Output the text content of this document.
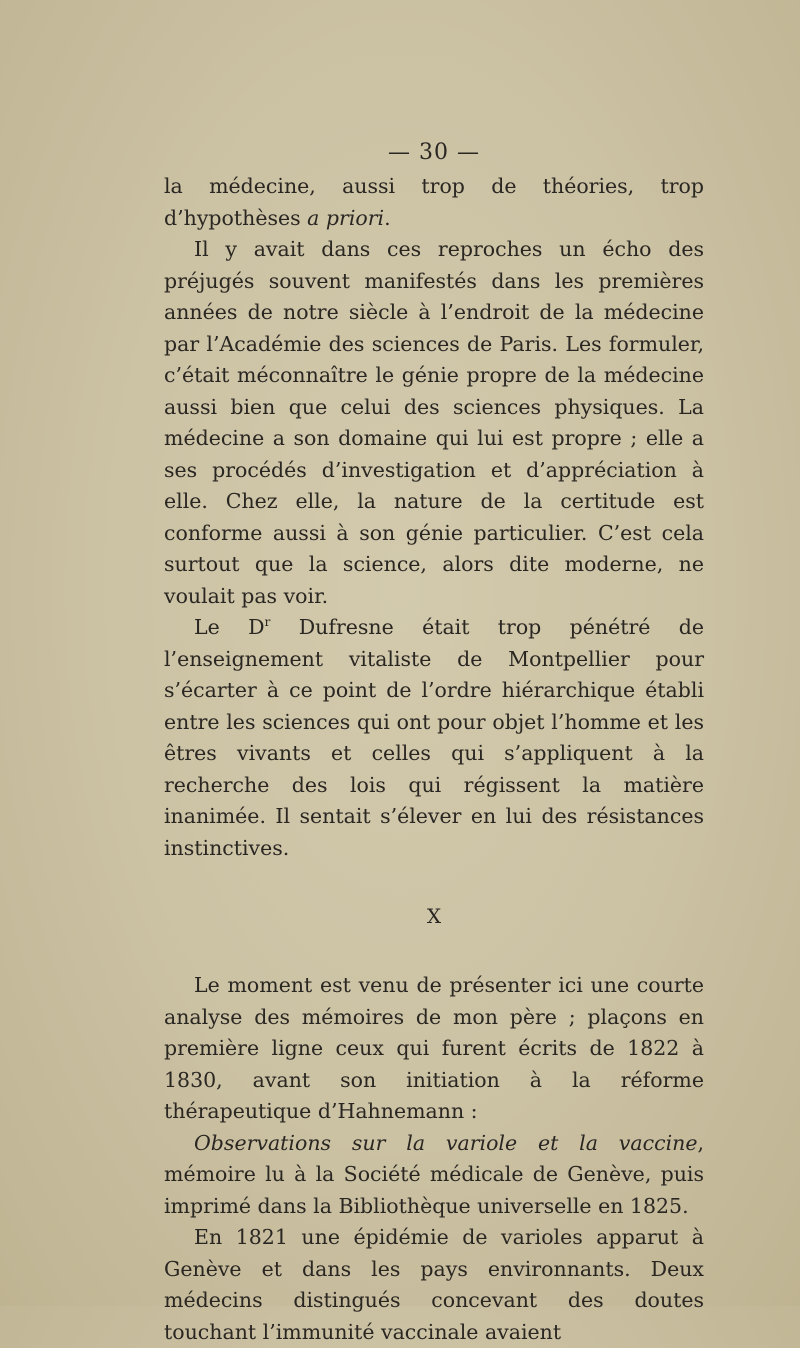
— 30 —

la médecine, aussi trop de théories, trop d’hypothèses a priori.

Il y avait dans ces reproches un écho des préjugés souvent manifestés dans les premières années de notre siècle à l’endroit de la médecine par l’Académie des sciences de Paris. Les formuler, c’était méconnaître le génie propre de la médecine aussi bien que celui des sciences physiques. La médecine a son domaine qui lui est propre ; elle a ses procédés d’investigation et d’appréciation à elle. Chez elle, la nature de la certitude est conforme aussi à son génie particulier. C’est cela surtout que la science, alors dite moderne, ne voulait pas voir.

Le $D^r$ Dufresne était trop pénétré de l’enseignement vitaliste de Montpellier pour s’écarter à ce point de l’ordre hiérarchique établi entre les sciences qui ont pour objet l’homme et les êtres vivants et celles qui s’appliquent à la recherche des lois qui régissent la matière inanimée. Il sentait s’élever en lui des résistances instinctives.

X

Le moment est venu de présenter ici une courte analyse des mémoires de mon père ; plaçons en première ligne ceux qui furent écrits de 1822 à 1830, avant son initiation à la réforme thérapeutique d’Hahnemann :

Observations sur la variole et la vaccine, mémoire lu à la Société médicale de Genève, puis imprimé dans la Bibliothèque universelle en 1825.

En 1821 une épidémie de varioles apparut à Genève et dans les pays environnants. Deux médecins distingués concevant des doutes touchant l’immunité vaccinale avaient
